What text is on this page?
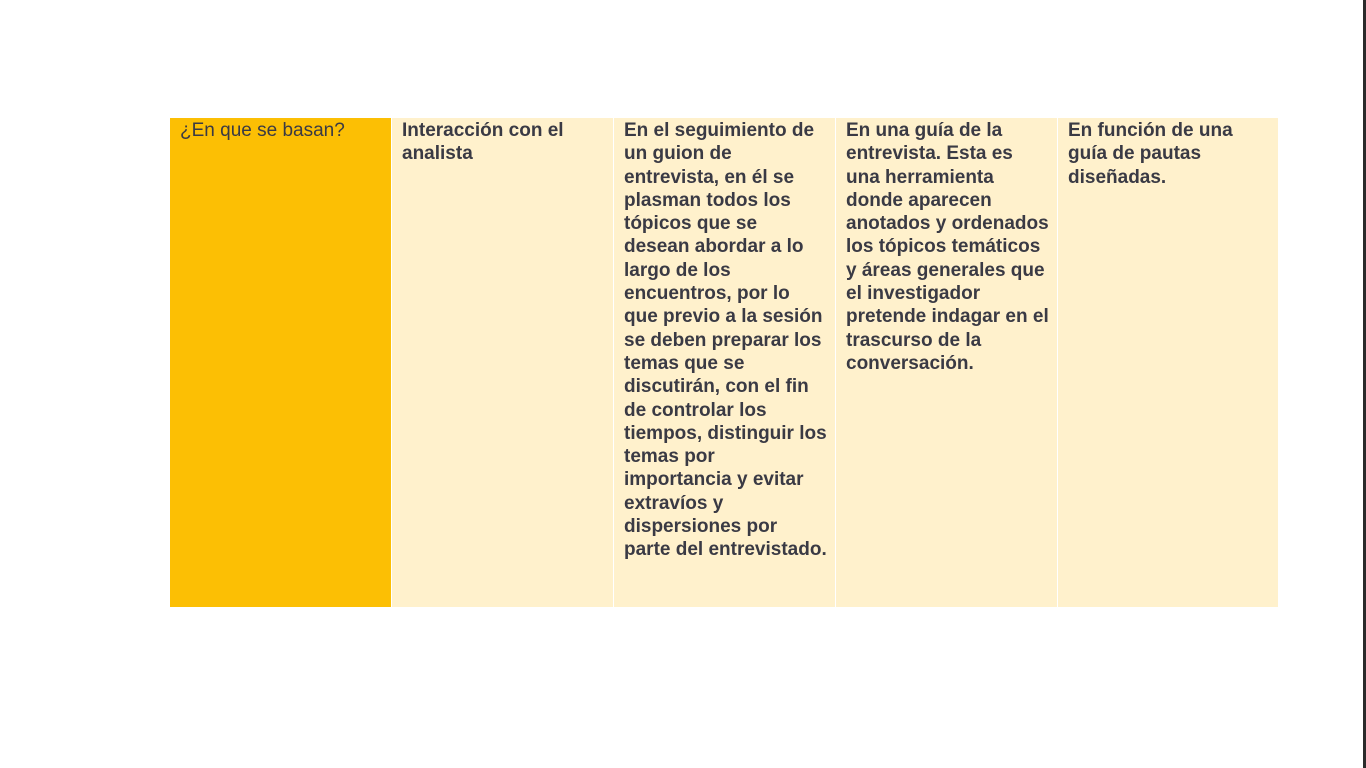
¿En que se basan?	Interacción con el analista
En el seguimiento de un guion de entrevista, en él se plasman todos los tópicos que se desean abordar a lo largo de los encuentros, por lo que previo a la sesión se deben preparar los temas que se discutirán, con el fin de controlar los tiempos, distinguir los temas por importancia y evitar extravíos y dispersiones por parte del entrevistado.
En una guía de la entrevista. Esta es una herramienta donde aparecen anotados y ordenados los tópicos temáticos y áreas generales que el investigador pretende indagar en el trascurso de la conversación.
En función de una guía de pautas diseñadas.
